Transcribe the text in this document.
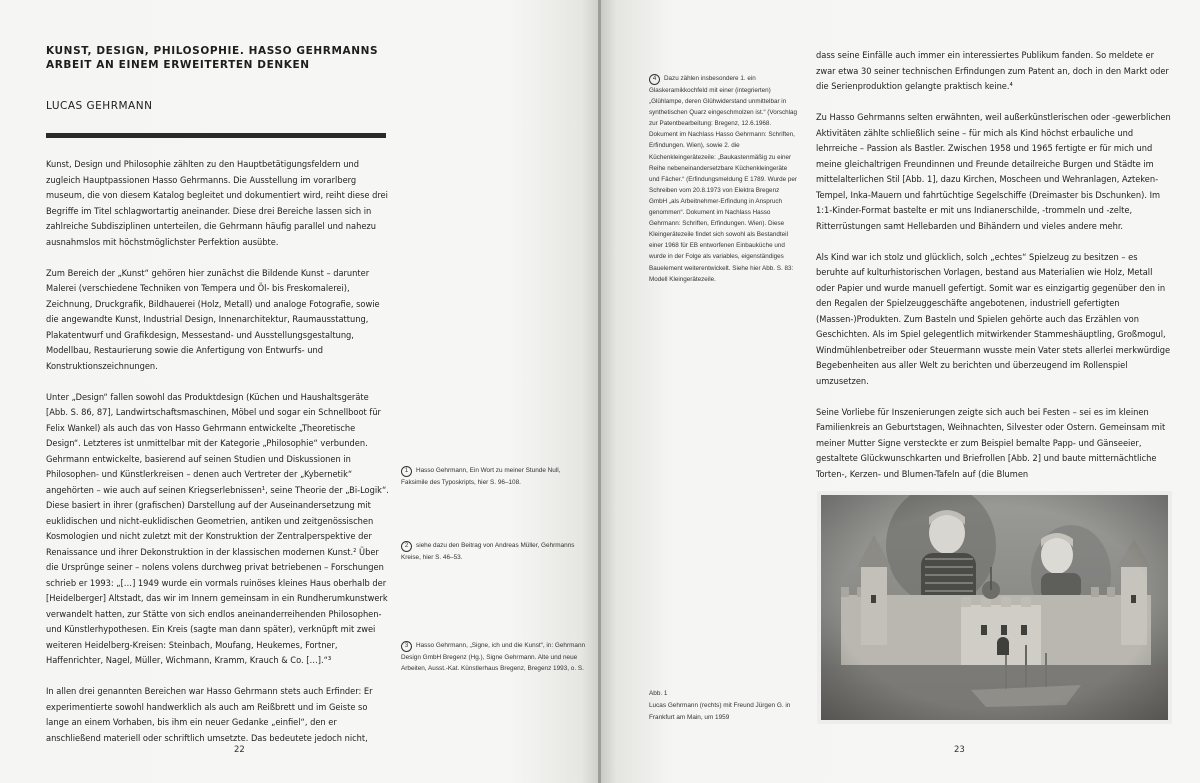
KUNST, DESIGN, PHILOSOPHIE. HASSO GEHRMANNS
ARBEIT AN EINEM ERWEITERTEN DENKEN
LUCAS GEHRMANN

Kunst, Design und Philosophie zählten zu den Hauptbetätigungsfeldern und zugleich Hauptpassionen Hasso Gehrmanns. Die Ausstellung im vorarlberg museum, die von diesem Katalog begleitet und dokumentiert wird, reiht diese drei Begriffe im Titel schlagwortartig aneinander. Diese drei Bereiche lassen sich in zahlreiche Subdisziplinen unterteilen, die Gehrmann häufig parallel und nahezu ausnahmslos mit höchstmöglichster Perfektion ausübte.

Zum Bereich der „Kunst“ gehören hier zunächst die Bildende Kunst – darunter Malerei (verschiedene Techniken von Tempera und Öl- bis Freskomalerei), Zeichnung, Druckgrafik, Bildhauerei (Holz, Metall) und analoge Fotografie, sowie die angewandte Kunst, Industrial Design, Innenarchitektur, Raumausstattung, Plakatentwurf und Grafikdesign, Messestand- und Ausstellungsgestaltung, Modellbau, Restaurierung sowie die Anfertigung von Entwurfs- und Konstruktionszeichnungen.

Unter „Design“ fallen sowohl das Produktdesign (Küchen und Haushaltsgeräte [Abb. S. 86, 87], Landwirtschaftsmaschinen, Möbel und sogar ein Schnellboot für Felix Wankel) als auch das von Hasso Gehrmann entwickelte „Theoretische Design“. Letzteres ist unmittelbar mit der Kategorie „Philosophie“ verbunden. Gehrmann entwickelte, basierend auf seinen Studien und Diskussionen in Philosophen- und Künstlerkreisen – denen auch Vertreter der „Kybernetik“ angehörten – wie auch auf seinen Kriegserlebnissen¹, seine Theorie der „Bi-Logik“. Diese basiert in ihrer (grafischen) Darstellung auf der Auseinandersetzung mit euklidischen und nicht-euklidischen Geometrien, antiken und zeitgenössischen Kosmologien und nicht zuletzt mit der Konstruktion der Zentralperspektive der Renaissance und ihrer Dekonstruktion in der klassischen modernen Kunst.² Über die Ursprünge seiner – nolens volens durchweg privat betriebenen – Forschungen schrieb er 1993: „[…] 1949 wurde ein vormals ruinöses kleines Haus oberhalb der [Heidelberger] Altstadt, das wir im Innern gemeinsam in ein Rundherumkunstwerk verwandelt hatten, zur Stätte von sich endlos aneinanderreihenden Philosophen- und Künstlerhypothesen. Ein Kreis (sagte man dann später), verknüpft mit zwei weiteren Heidelberg-Kreisen: Steinbach, Moufang, Heukemes, Fortner, Haffenrichter, Nagel, Müller, Wichmann, Kramm, Krauch & Co. […].“³

In allen drei genannten Bereichen war Hasso Gehrmann stets auch Erfinder: Er experimentierte sowohl handwerklich als auch am Reißbrett und im Geiste so lange an einem Vorhaben, bis ihm ein neuer Gedanke „einfiel“, den er anschließend materiell oder schriftlich umsetzte. Das bedeutete jedoch nicht,

1 Hasso Gehrmann, Ein Wort zu meiner Stunde Null, Faksimile des Typoskripts, hier S. 96–108.
2 siehe dazu den Beitrag von Andreas Müller, Gehrmanns Kreise, hier S. 46–53.
3 Hasso Gehrmann, „Signe, ich und die Kunst“, in: Gehrmann Design GmbH Bregenz (Hg.), Signe Gehrmann. Alte und neue Arbeiten, Ausst.-Kat. Künstlerhaus Bregenz, Bregenz 1993, o. S.
22
4 Dazu zählen insbesondere 1. ein Glaskeramikkochfeld mit einer (integrierten) „Glühlampe, deren Glühwiderstand unmittelbar in synthetischen Quarz eingeschmolzen ist.“ (Vorschlag zur Patentbearbeitung: Bregenz, 12.6.1968. Dokument im Nachlass Hasso Gehrmann: Schriften, Erfindungen. Wien), sowie 2. die Küchenkleingerätezeile: „Baukastenmäßig zu einer Reihe nebeneinandersetzbare Küchenkleingeräte und Fächer.“ (Erfindungsmeldung E 1789. Wurde per Schreiben vom 20.8.1973 von Elektra Bregenz GmbH „als Arbeitnehmer-Erfindung in Anspruch genommen“. Dokument im Nachlass Hasso Gehrmann: Schriften, Erfindungen. Wien). Diese Kleingerätezeile findet sich sowohl als Bestandteil einer 1968 für EB entworfenen Einbauküche und wurde in der Folge als variables, eigenständiges Bauelement weiterentwickelt. Siehe hier Abb. S. 83: Modell Kleingerätezeile.

dass seine Einfälle auch immer ein interessiertes Publikum fanden. So meldete er zwar etwa 30 seiner technischen Erfindungen zum Patent an, doch in den Markt oder die Serienproduktion gelangte praktisch keine.⁴

Zu Hasso Gehrmanns selten erwähnten, weil außerkünstlerischen oder -gewerblichen Aktivitäten zählte schließlich seine – für mich als Kind höchst erbauliche und lehrreiche – Passion als Bastler. Zwischen 1958 und 1965 fertigte er für mich und meine gleichaltrigen Freundinnen und Freunde detailreiche Burgen und Städte im mittelalterlichen Stil [Abb. 1], dazu Kirchen, Moscheen und Wehranlagen, Azteken-Tempel, Inka-Mauern und fahrtüchtige Segelschiffe (Dreimaster bis Dschunken). Im 1:1-Kinder-Format bastelte er mit uns Indianerschilde, -trommeln und -zelte, Ritterrüstungen samt Hellebarden und Bihändern und vieles andere mehr.

Als Kind war ich stolz und glücklich, solch „echtes“ Spielzeug zu besitzen – es beruhte auf kulturhistorischen Vorlagen, bestand aus Materialien wie Holz, Metall oder Papier und wurde manuell gefertigt. Somit war es einzigartig gegenüber den in den Regalen der Spielzeuggeschäfte angebotenen, industriell gefertigten (Massen-)Produkten. Zum Basteln und Spielen gehörte auch das Erzählen von Geschichten. Als im Spiel gelegentlich mitwirkender Stammeshäuptling, Großmogul, Windmühlenbetreiber oder Steuermann wusste mein Vater stets allerlei merkwürdige Begebenheiten aus aller Welt zu berichten und überzeugend im Rollenspiel umzusetzen.

Seine Vorliebe für Inszenierungen zeigte sich auch bei Festen – sei es im kleinen Familienkreis an Geburtstagen, Weihnachten, Silvester oder Ostern. Gemeinsam mit meiner Mutter Signe versteckte er zum Beispiel bemalte Papp- und Gänseeier, gestaltete Glückwunschkarten und Briefrollen [Abb. 2] und baute mitternächtliche Torten-, Kerzen- und Blumen-Tafeln auf (die Blumen

Abb. 1
Lucas Gehrmann (rechts) mit Freund Jürgen G. in Frankfurt am Main, um 1959
23
